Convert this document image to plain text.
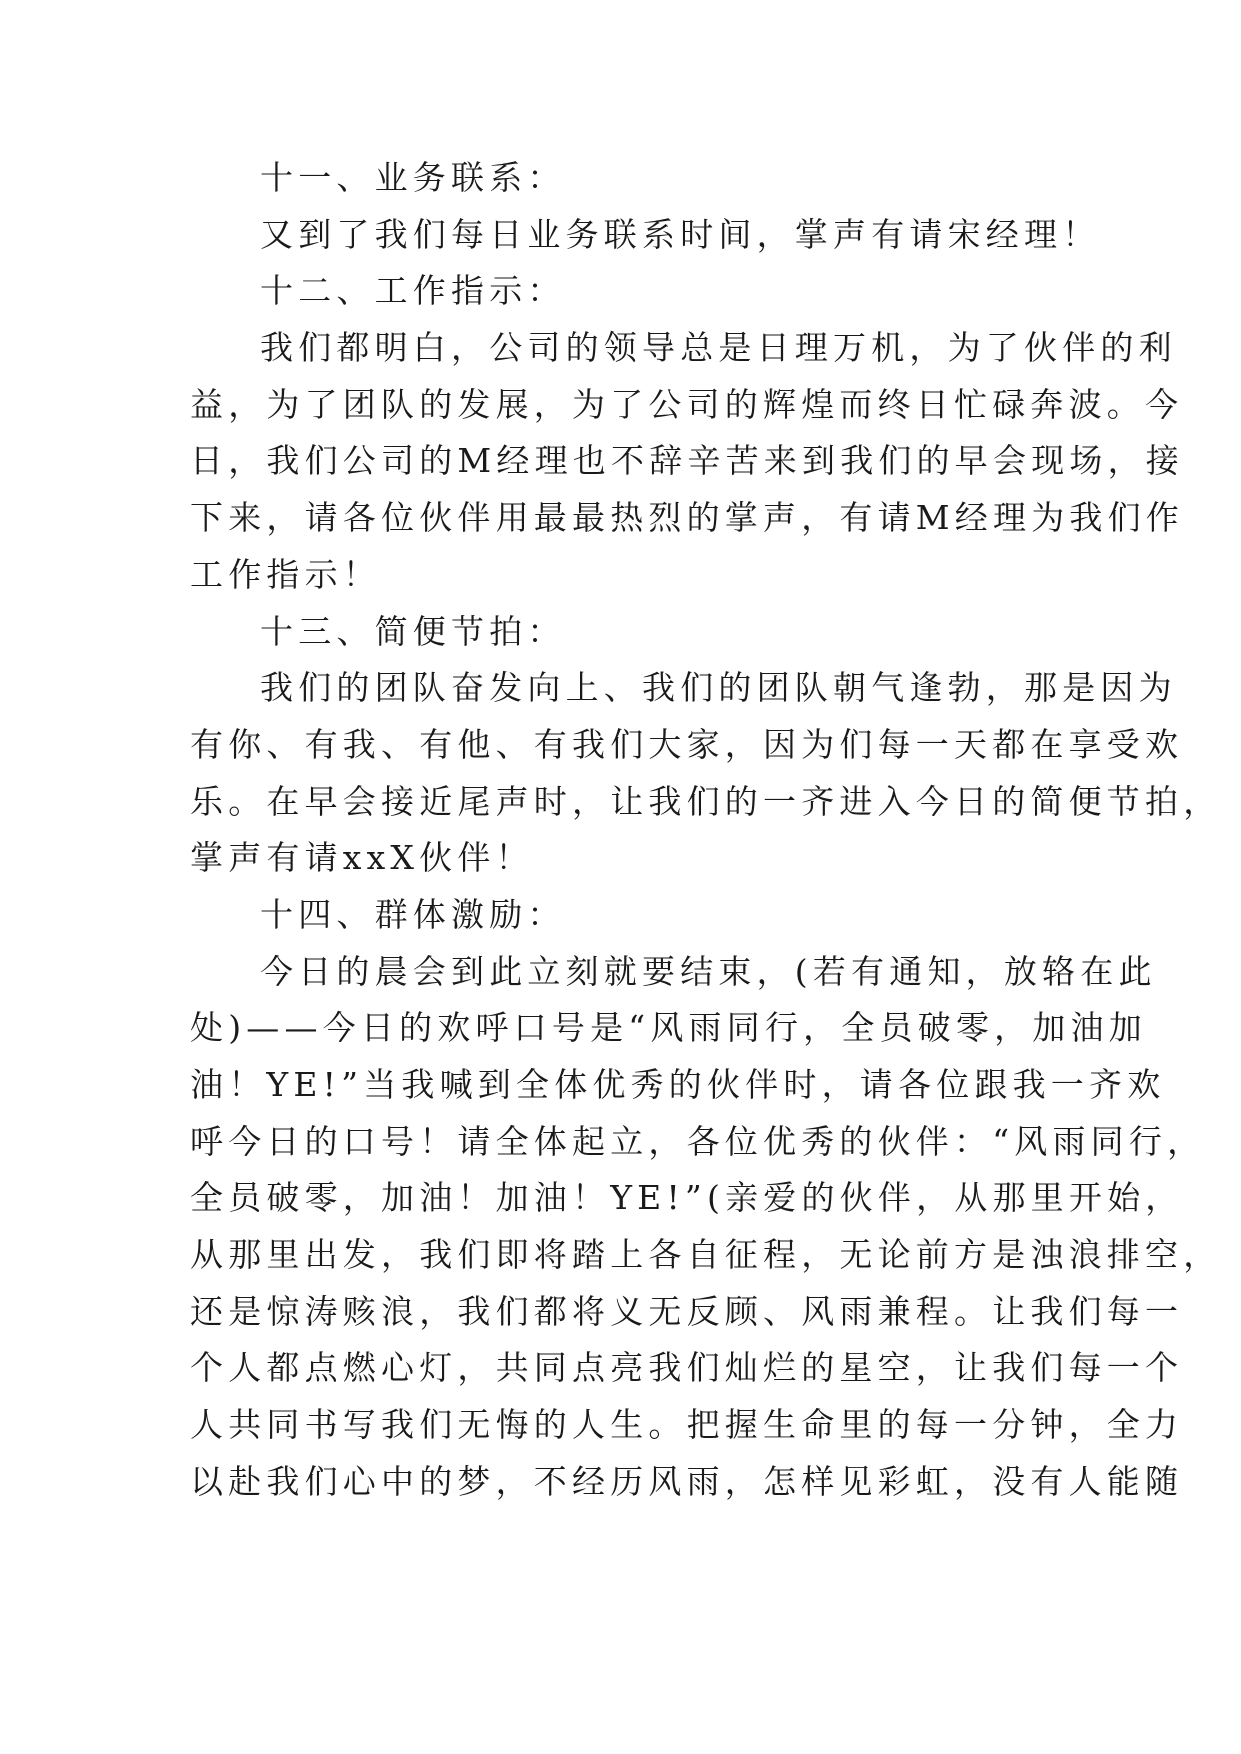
十一、业务联系：

又到了我们每日业务联系时间，掌声有请宋经理！

十二、工作指示：

我们都明白，公司的领导总是日理万机，为了伙伴的利

益，为了团队的发展，为了公司的辉煌而终日忙碌奔波。今

日，我们公司的M经理也不辞辛苦来到我们的早会现场，接

下来，请各位伙伴用最最热烈的掌声，有请M经理为我们作

工作指示！

十三、简便节拍：

我们的团队奋发向上、我们的团队朝气逢勃，那是因为

有你、有我、有他、有我们大家，因为们每一天都在享受欢

乐。在早会接近尾声时，让我们的一齐进入今日的简便节拍，

掌声有请xxX伙伴！

十四、群体激励：

今日的晨会到此立刻就要结束，(若有通知，放辂在此

处)——今日的欢呼口号是“风雨同行，全员破零，加油加

油！YE!”当我喊到全体优秀的伙伴时，请各位跟我一齐欢

呼今日的口号！请全体起立，各位优秀的伙伴：“风雨同行，

全员破零，加油！加油！YE!”(亲爱的伙伴，从那里开始，

从那里出发，我们即将踏上各自征程，无论前方是浊浪排空，

还是惊涛赅浪，我们都将义无反顾、风雨兼程。让我们每一

个人都点燃心灯，共同点亮我们灿烂的星空，让我们每一个

人共同书写我们无悔的人生。把握生命里的每一分钟，全力

以赴我们心中的梦，不经历风雨，怎样见彩虹，没有人能随
